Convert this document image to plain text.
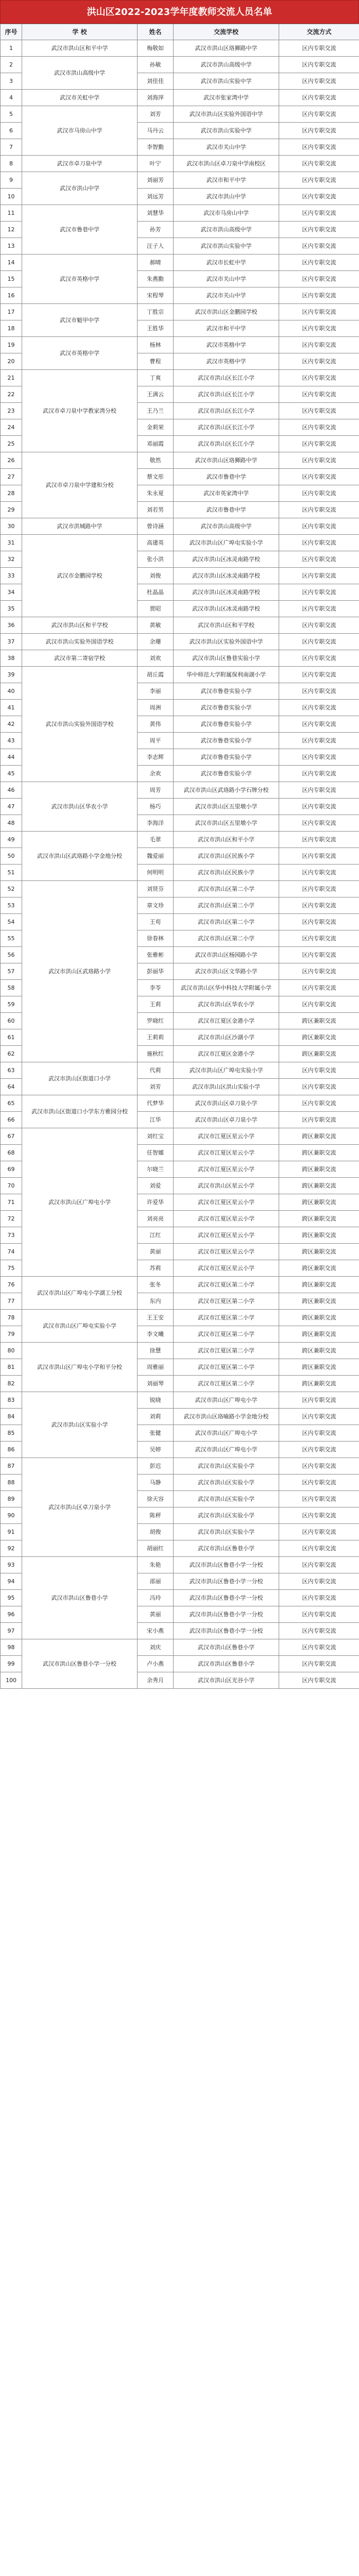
洪山区2022-2023学年度教师交流人员名单
序号	学 校	姓名	交流学校	交流方式
1	武汉市洪山区和平中学	梅敬如	武汉市洪山区珞狮路中学	区内专职交流
2	武汉市洪山高级中学	孙敏	武汉市洪山高级中学	区内专职交流
3		刘佳佳	武汉市洪山实验中学	区内专职交流
4	武汉市关虹中学	刘海萍	武汉市张家湾中学	区内专职交流
5	武汉市马房山中学	刘芳	武汉市洪山区实验外国语中学	区内专职交流
6		马丹云	武汉市洪山实验中学	区内专职交流
7		李智勤	武汉市关山中学	区内专职交流
8	武汉市卓刀泉中学	叶宁	武汉市洪山区卓刀泉中学南校区	区内专职交流
9	武汉市洪山中学	刘丽芳	武汉市和平中学	区内专职交流
10		刘远芳	武汉市洪山中学	区内专职交流
11	武汉市鲁巷中学	刘慧华	武汉市马房山中学	区内专职交流
12		孙芳	武汉市洪山高级中学	区内专职交流
13		汪子人	武汉市洪山实验中学	区内专职交流
14	武汉市英格中学	郝晴	武汉市长虹中学	区内专职交流
15		朱燕勤	武汉市关山中学	区内专职交流
16		宋程琴	武汉市关山中学	区内专职交流
17	武汉市魁甲中学	丁胜宗	武汉市洪山区金鹏园学校	区内专职交流
18		王胜华	武汉市和平中学	区内专职交流
19	武汉市英格中学	杨林	武汉市英格中学	区内专职交流
20		曹程	武汉市英格中学	区内专职交流
21	武汉市卓刀泉中学教家湾分校	丁爽	武汉市洪山区长江小学	区内专职交流
22		王满云	武汉市洪山区长江小学	区内专职交流
23		王乃兰	武汉市洪山区长江小学	区内专职交流
24		金莉荣	武汉市洪山区长江小学	区内专职交流
25		邓丽霞	武汉市洪山区长江小学	区内专职交流
26	武汉市卓刀泉中学建和分校	敬然	武汉市洪山区珞狮路中学	区内专职交流
27		蔡文彤	武汉市鲁巷中学	区内专职交流
28		朱永夏	武汉市英家湾中学	区内专职交流
29		刘若男	武汉市鲁巷中学	区内专职交流
30	武汉市洪城路中学	曾诗涵	武汉市洪山高级中学	区内专职交流
31	武汉市金鹏园学校	高建英	武汉市洪山区广埠屯实验小学	区内专职交流
32		张小洪	武汉市洪山区冰灵南路学校	区内专职交流
33		刘俊	武汉市洪山区冰灵南路学校	区内专职交流
34		杜晶晶	武汉市洪山区冰灵南路学校	区内专职交流
35		贾昭	武汉市洪山区冰灵南路学校	区内专职交流
36	武汉市洪山区和平学校	黄敏	武汉市洪山区和平学校	区内专职交流
37	武汉市洪山实验外国语学校	余珊	武汉市洪山区实验外国语中学	区内专职交流
38	武汉市第二寄宿学校	刘欢	武汉市洪山区鲁巷实验小学	区内专职交流
39	武汉市洪山实验外国语学校	胡丘霞	华中师范大学附属保利南湖小学	区内专职交流
40		李丽	武汉市鲁巷实验小学	区内专职交流
41		周洲	武汉市鲁巷实验小学	区内专职交流
42		黄伟	武汉市鲁巷实验小学	区内专职交流
43		周平	武汉市鲁巷实验小学	区内专职交流
44		李志辉	武汉市鲁巷实验小学	区内专职交流
45		余欢	武汉市鲁巷实验小学	区内专职交流
46	武汉市洪山区华农小学	周芳	武汉市洪山区武珞路小学石牌分校	区内专职交流
47		杨巧	武汉市洪山区五里墩小学	区内专职交流
48		李海洋	武汉市洪山区五里墩小学	区内专职交流
49	武汉市洪山区武珞路小学金地分校	毛翠	武汉市洪山区和平小学	区内专职交流
50		魏爱丽	武汉市洪山区民族小学	区内专职交流
51		何明明	武汉市洪山区民族小学	区内专职交流
52	武汉市洪山区武珞路小学	刘贤芬	武汉市洪山区第二小学	区内专职交流
53		章文珍	武汉市洪山区第二小学	区内专职交流
54		王苟	武汉市洪山区第二小学	区内专职交流
55		徐春林	武汉市洪山区第二小学	区内专职交流
56		张雅彬	武汉市洪山区杨园路小学	区内专职交流
57		彭丽华	武汉市洪山区文华路小学	区内专职交流
58		李苓	武汉市洪山区华中科技大学附属小学	区内专职交流
59		王莉	武汉市洪山区华农小学	区内专职交流
60		罗晓红	武汉市江夏区金港小学	跨区兼职交流
61		王莉莉	武汉市洪山区沙湖小学	跨区兼职交流
62		施秋红	武汉市江夏区金港小学	跨区兼职交流
63	武汉市洪山区街道口小学	代莉	武汉市洪山区广埠屯实验小学	区内专职交流
64		刘芳	武汉市洪山区洪山实验小学	区内专职交流
65	武汉市洪山区街道口小学东方雅园分校	代梦华	武汉市洪山区卓刀泉小学	区内专职交流
66		江华	武汉市洪山区卓刀泉小学	区内专职交流
67	武汉市洪山区广埠屯小学	刘红宝	武汉市江夏区星云小学	跨区兼职交流
68		任智娜	武汉市江夏区星云小学	跨区兼职交流
69		尔晓兰	武汉市江夏区星云小学	跨区兼职交流
70		刘爱	武汉市洪山区星云小学	跨区兼职交流
71		许爱华	武汉市江夏区星云小学	跨区兼职交流
72		刘亮亮	武汉市江夏区星云小学	跨区兼职交流
73		江红	武汉市江夏区星云小学	跨区兼职交流
74		黄丽	武汉市江夏区星云小学	跨区兼职交流
75		苏莉	武汉市江夏区星云小学	跨区兼职交流
76	武汉市洪山区广埠屯小学湖工分校	张冬	武汉市江夏区第二小学	跨区兼职交流
77		东内	武汉市江夏区第二小学	跨区兼职交流
78	武汉市洪山区广埠屯实验小学	王王安	武汉市江夏区第二小学	跨区兼职交流
79		李文曦	武汉市江夏区第二小学	跨区兼职交流
80	武汉市洪山区广埠屯小学和平分校	徐慧	武汉市江夏区第二小学	跨区兼职交流
81		周雅丽	武汉市江夏区第二小学	跨区兼职交流
82		刘丽琴	武汉市江夏区第二小学	跨区兼职交流
83	武汉市洪山区实验小学	锐晓	武汉市洪山区广埠屯小学	区内专职交流
84		刘莉	武汉市洪山区珞喻路小学金地分校	区内专职交流
85		张健	武汉市洪山区广埠屯小学	区内专职交流
86		吴婷	武汉市洪山区广埠屯小学	区内专职交流
87	武汉市洪山区卓刀泉小学	彭迟	武汉市洪山区实验小学	区内专职交流
88		马静	武汉市洪山区实验小学	区内专职交流
89		徐天容	武汉市洪山区实验小学	区内专职交流
90		陈秤	武汉市洪山区实验小学	区内专职交流
91		胡俊	武汉市洪山区实验小学	区内专职交流
92		胡丽红	武汉市洪山区鲁巷小学	区内专职交流
93	武汉市洪山区鲁巷小学	朱艳	武汉市洪山区鲁巷小学一分校	区内专职交流
94		邵丽	武汉市洪山区鲁巷小学一分校	区内专职交流
95		冯玲	武汉市洪山区鲁巷小学一分校	区内专职交流
96		黄丽	武汉市洪山区鲁巷小学一分校	区内专职交流
97		宋小燕	武汉市洪山区鲁巷小学一分校	区内专职交流
98	武汉市洪山区鲁巷小学一分校	刘庆	武汉市洪山区鲁巷小学	区内专职交流
99		卢小燕	武汉市洪山区鲁巷小学	区内专职交流
100		余秀月	武汉市洪山区光谷小学	区内专职交流
